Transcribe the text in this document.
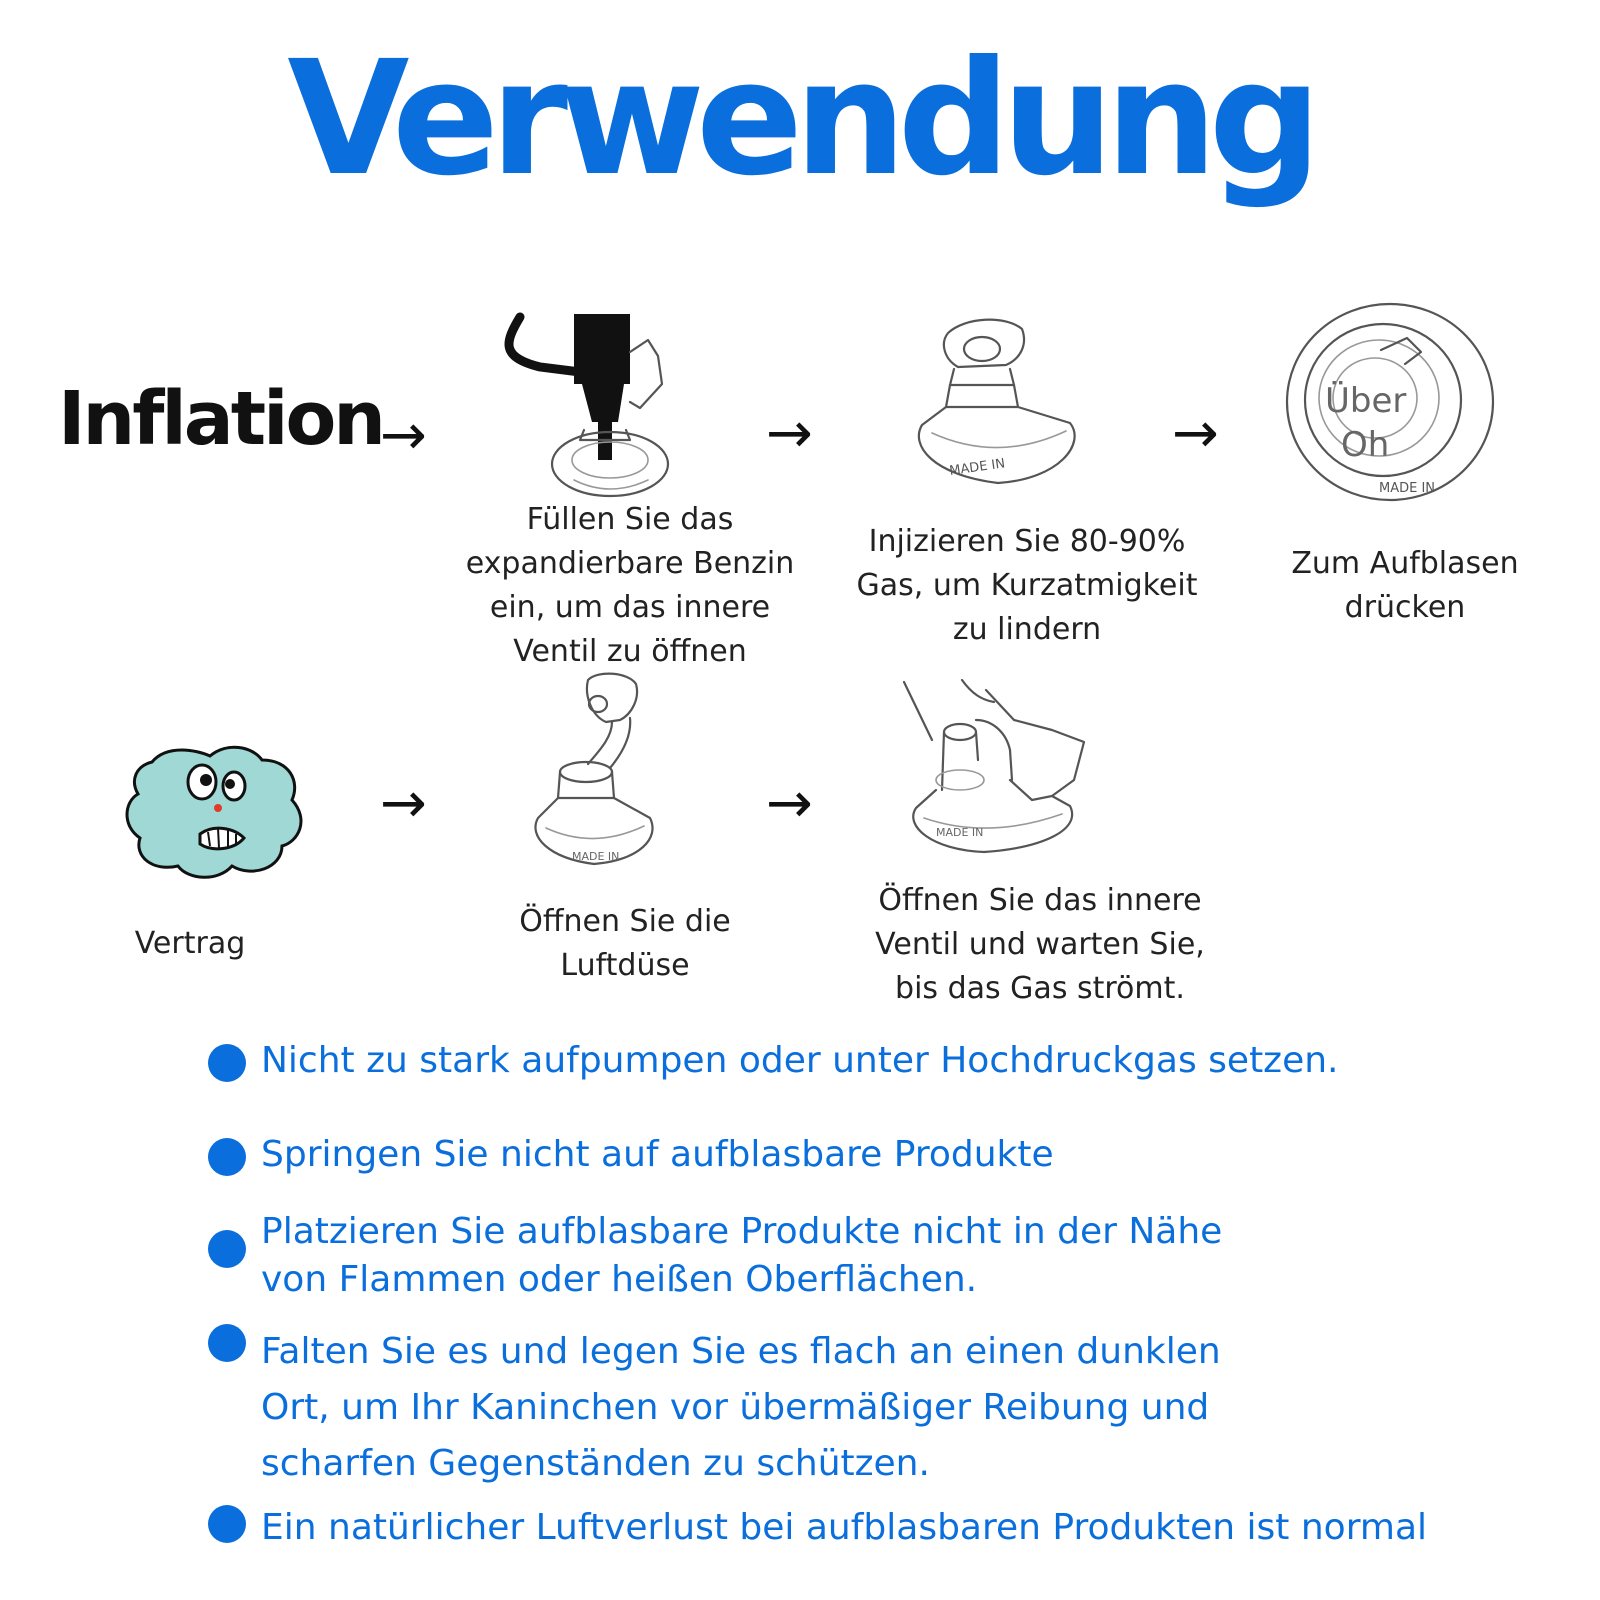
Verwendung
Inflation
→	→	→
MADE IN
Über
Oh
MADE IN
Füllen Sie das
expandierbare Benzin
ein, um das innere
Ventil zu öffnen
Injizieren Sie 80-90%
Gas, um Kurzatmigkeit
zu lindern
Zum Aufblasen
drücken
→	→
MADE IN
MADE IN
Vertrag
Öffnen Sie die
Luftdüse
Öffnen Sie das innere
Ventil und warten Sie,
bis das Gas strömt.
Nicht zu stark aufpumpen oder unter Hochdruckgas setzen.
Springen Sie nicht auf aufblasbare Produkte
Platzieren Sie aufblasbare Produkte nicht in der Nähe
von Flammen oder heißen Oberflächen.
Falten Sie es und legen Sie es flach an einen dunklen
Ort, um Ihr Kaninchen vor übermäßiger Reibung und
scharfen Gegenständen zu schützen.
Ein natürlicher Luftverlust bei aufblasbaren Produkten ist normal
